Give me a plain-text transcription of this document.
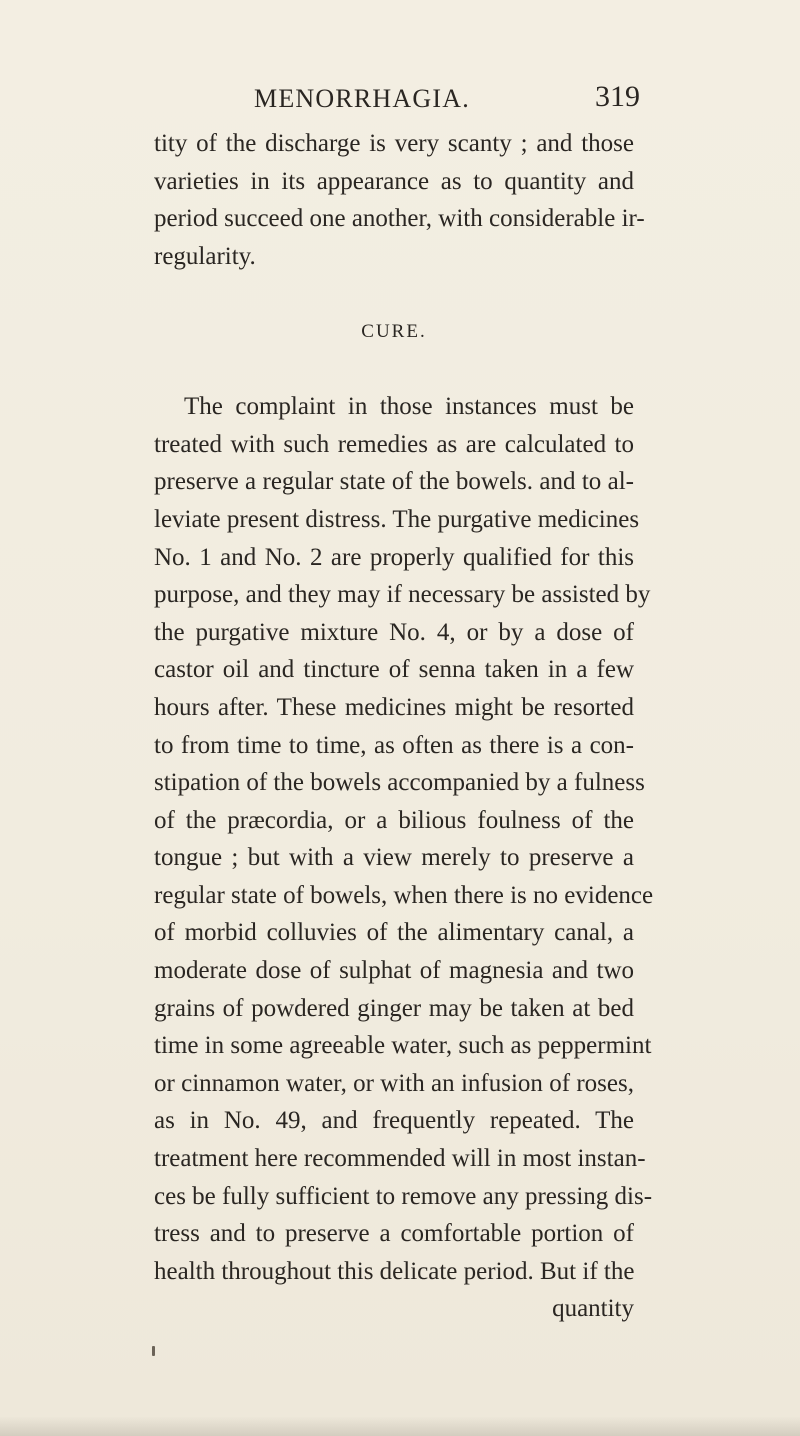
MENORRHAGIA.	319
tity of the discharge is very scanty ; and those
varieties in its appearance as to quantity and
period succeed one another, with considerable ir-
regularity.
CURE.
The complaint in those instances must be
treated with such remedies as are calculated to
preserve a regular state of the bowels. and to al-
leviate present distress. The purgative medicines
No. 1 and No. 2 are properly qualified for this
purpose, and they may if necessary be assisted by
the purgative mixture No. 4, or by a dose of
castor oil and tincture of senna taken in a few
hours after. These medicines might be resorted
to from time to time, as often as there is a con-
stipation of the bowels accompanied by a fulness
of the præcordia, or a bilious foulness of the
tongue ; but with a view merely to preserve a
regular state of bowels, when there is no evidence
of morbid colluvies of the alimentary canal, a
moderate dose of sulphat of magnesia and two
grains of powdered ginger may be taken at bed
time in some agreeable water, such as peppermint
or cinnamon water, or with an infusion of roses,
as in No. 49, and frequently repeated. The
treatment here recommended will in most instan-
ces be fully sufficient to remove any pressing dis-
tress and to preserve a comfortable portion of
health throughout this delicate period. But if the
quantity
